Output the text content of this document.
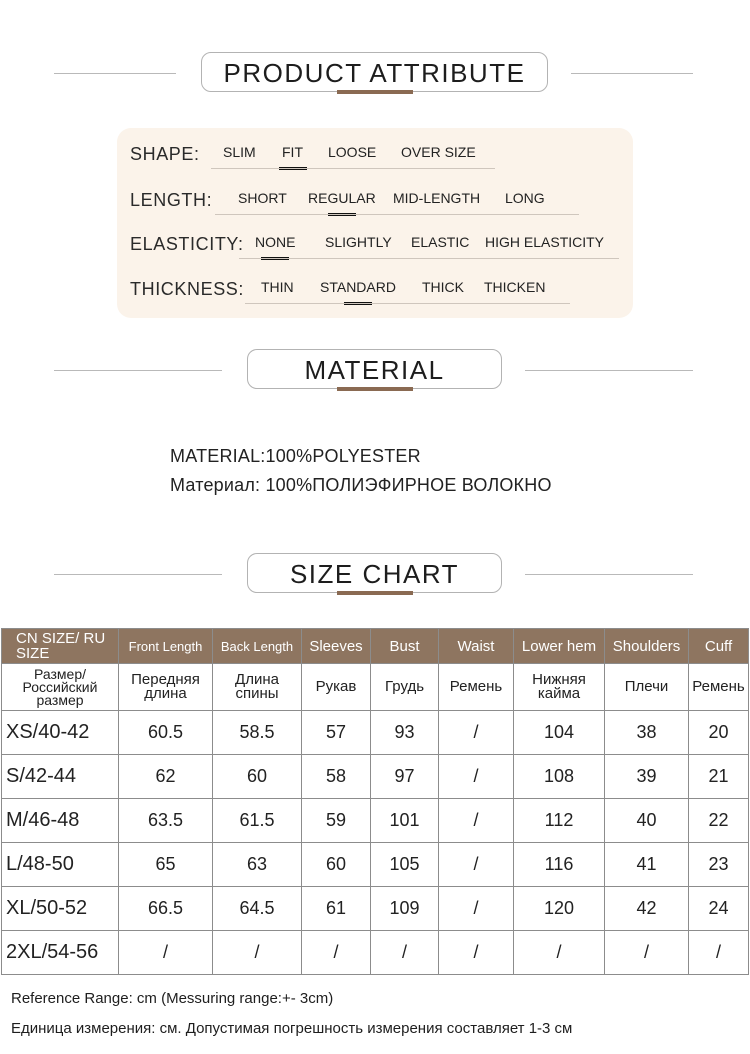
PRODUCT ATTRIBUTE
SHAPE: SLIM FIT LOOSE OVER SIZE
LENGTH: SHORT REGULAR MID-LENGTH LONG
ELASTICITY: NONE SLIGHTLY ELASTIC HIGH ELASTICITY
THICKNESS: THIN STANDARD THICK THICKEN
MATERIAL
MATERIAL:100%POLYESTER
Материал: 100%ПОЛИЭФИРНОЕ ВОЛОКНО
SIZE CHART
CN SIZE/ RU SIZE	Front Length	Back Length	Sleeves	Bust	Waist	Lower hem	Shoulders	Cuff
Размер/ Российский размер	Передняя длина	Длина спины	Рукав	Грудь	Ремень	Нижняя кайма	Плечи	Ремень
XS/40-42	60.5	58.5	57	93	/	104	38	20
S/42-44	62	60	58	97	/	108	39	21
M/46-48	63.5	61.5	59	101	/	112	40	22
L/48-50	65	63	60	105	/	116	41	23
XL/50-52	66.5	64.5	61	109	/	120	42	24
2XL/54-56	/	/	/	/	/	/	/	/
Reference Range: cm (Messuring range:+- 3cm)
Единица измерения: см. Допустимая погрешность измерения составляет 1-3 см
